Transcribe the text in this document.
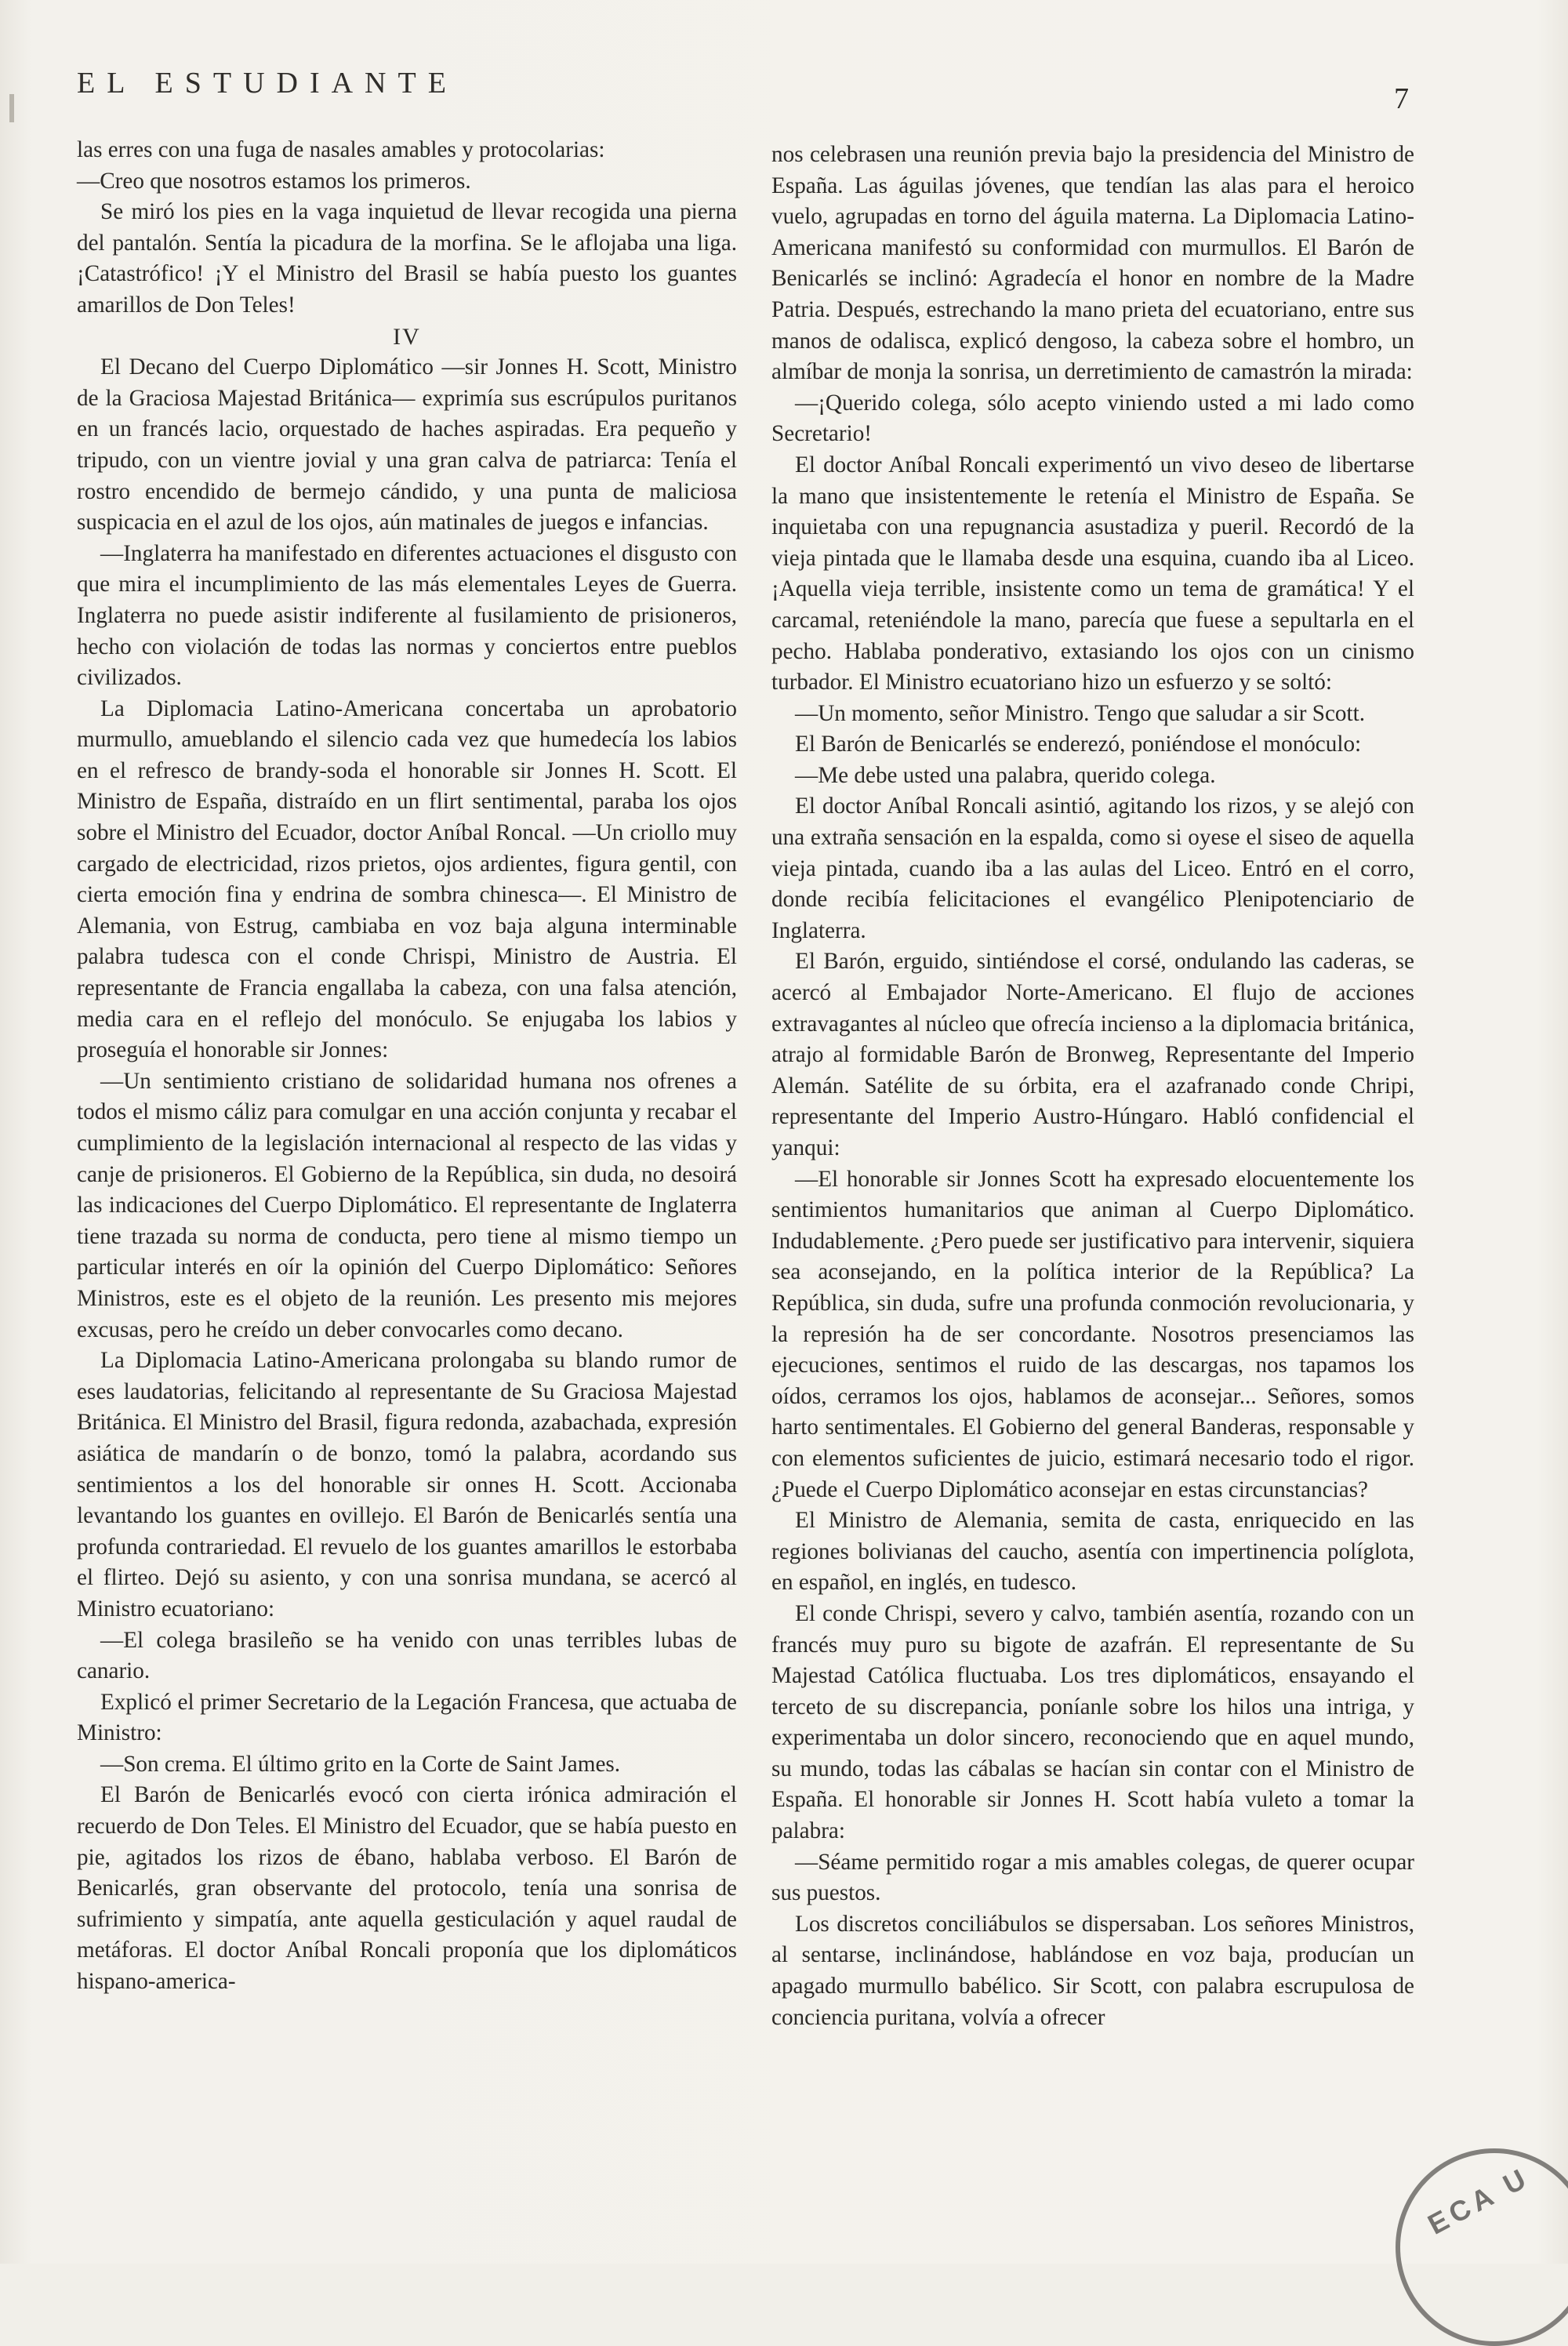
EL ESTUDIANTE	7

las erres con una fuga de nasales amables y protocolarias:

—Creo que nosotros estamos los primeros.

Se miró los pies en la vaga inquietud de llevar recogida una pierna del pantalón. Sentía la picadura de la morfina. Se le aflojaba una liga. ¡Catastrófico! ¡Y el Ministro del Brasil se había puesto los guantes amarillos de Don Teles!

IV

El Decano del Cuerpo Diplomático —sir Jonnes H. Scott, Ministro de la Graciosa Majestad Británica— exprimía sus escrúpulos puritanos en un francés lacio, orquestado de haches aspiradas. Era pequeño y tripudo, con un vientre jovial y una gran calva de patriarca: Tenía el rostro encendido de bermejo cándido, y una punta de maliciosa suspicacia en el azul de los ojos, aún matinales de juegos e infancias.

—Inglaterra ha manifestado en diferentes actuaciones el disgusto con que mira el incumplimiento de las más elementales Leyes de Guerra. Inglaterra no puede asistir indiferente al fusilamiento de prisioneros, hecho con violación de todas las normas y conciertos entre pueblos civilizados.

La Diplomacia Latino-Americana concertaba un aprobatorio murmullo, amueblando el silencio cada vez que humedecía los labios en el refresco de brandy-soda el honorable sir Jonnes H. Scott. El Ministro de España, distraído en un flirt sentimental, paraba los ojos sobre el Ministro del Ecuador, doctor Aníbal Roncal. —Un criollo muy cargado de electricidad, rizos prietos, ojos ardientes, figura gentil, con cierta emoción fina y endrina de sombra chinesca—. El Ministro de Alemania, von Estrug, cambiaba en voz baja alguna interminable palabra tudesca con el conde Chrispi, Ministro de Austria. El representante de Francia engallaba la cabeza, con una falsa atención, media cara en el reflejo del monóculo. Se enjugaba los labios y proseguía el honorable sir Jonnes:

—Un sentimiento cristiano de solidaridad humana nos ofrenes a todos el mismo cáliz para comulgar en una acción conjunta y recabar el cumplimiento de la legislación internacional al respecto de las vidas y canje de prisioneros. El Gobierno de la República, sin duda, no desoirá las indicaciones del Cuerpo Diplomático. El representante de Inglaterra tiene trazada su norma de conducta, pero tiene al mismo tiempo un particular interés en oír la opinión del Cuerpo Diplomático: Señores Ministros, este es el objeto de la reunión. Les presento mis mejores excusas, pero he creído un deber convocarles como decano.

La Diplomacia Latino-Americana prolongaba su blando rumor de eses laudatorias, felicitando al representante de Su Graciosa Majestad Británica. El Ministro del Brasil, figura redonda, azabachada, expresión asiática de mandarín o de bonzo, tomó la palabra, acordando sus sentimientos a los del honorable sir onnes H. Scott. Accionaba levantando los guantes en ovillejo. El Barón de Benicarlés sentía una profunda contrariedad. El revuelo de los guantes amarillos le estorbaba el flirteo. Dejó su asiento, y con una sonrisa mundana, se acercó al Ministro ecuatoriano:

—El colega brasileño se ha venido con unas terribles lubas de canario.

Explicó el primer Secretario de la Legación Francesa, que actuaba de Ministro:

—Son crema. El último grito en la Corte de Saint James.

El Barón de Benicarlés evocó con cierta irónica admiración el recuerdo de Don Teles. El Ministro del Ecuador, que se había puesto en pie, agitados los rizos de ébano, hablaba verboso. El Barón de Benicarlés, gran observante del protocolo, tenía una sonrisa de sufrimiento y simpatía, ante aquella gesticulación y aquel raudal de metáforas. El doctor Aníbal Roncali proponía que los diplomáticos hispano-america-

nos celebrasen una reunión previa bajo la presidencia del Ministro de España. Las águilas jóvenes, que tendían las alas para el heroico vuelo, agrupadas en torno del águila materna. La Diplomacia Latino-Americana manifestó su conformidad con murmullos. El Barón de Benicarlés se inclinó: Agradecía el honor en nombre de la Madre Patria. Después, estrechando la mano prieta del ecuatoriano, entre sus manos de odalisca, explicó dengoso, la cabeza sobre el hombro, un almíbar de monja la sonrisa, un derretimiento de camastrón la mirada:

—¡Querido colega, sólo acepto viniendo usted a mi lado como Secretario!

El doctor Aníbal Roncali experimentó un vivo deseo de libertarse la mano que insistentemente le retenía el Ministro de España. Se inquietaba con una repugnancia asustadiza y pueril. Recordó de la vieja pintada que le llamaba desde una esquina, cuando iba al Liceo. ¡Aquella vieja terrible, insistente como un tema de gramática! Y el carcamal, reteniéndole la mano, parecía que fuese a sepultarla en el pecho. Hablaba ponderativo, extasiando los ojos con un cinismo turbador. El Ministro ecuatoriano hizo un esfuerzo y se soltó:

—Un momento, señor Ministro. Tengo que saludar a sir Scott.

El Barón de Benicarlés se enderezó, poniéndose el monóculo:

—Me debe usted una palabra, querido colega.

El doctor Aníbal Roncali asintió, agitando los rizos, y se alejó con una extraña sensación en la espalda, como si oyese el siseo de aquella vieja pintada, cuando iba a las aulas del Liceo. Entró en el corro, donde recibía felicitaciones el evangélico Plenipotenciario de Inglaterra.

El Barón, erguido, sintiéndose el corsé, ondulando las caderas, se acercó al Embajador Norte-Americano. El flujo de acciones extravagantes al núcleo que ofrecía incienso a la diplomacia británica, atrajo al formidable Barón de Bronweg, Representante del Imperio Alemán. Satélite de su órbita, era el azafranado conde Chripi, representante del Imperio Austro-Húngaro. Habló confidencial el yanqui:

—El honorable sir Jonnes Scott ha expresado elocuentemente los sentimientos humanitarios que animan al Cuerpo Diplomático. Indudablemente. ¿Pero puede ser justificativo para intervenir, siquiera sea aconsejando, en la política interior de la República? La República, sin duda, sufre una profunda conmoción revolucionaria, y la represión ha de ser concordante. Nosotros presenciamos las ejecuciones, sentimos el ruido de las descargas, nos tapamos los oídos, cerramos los ojos, hablamos de aconsejar... Señores, somos harto sentimentales. El Gobierno del general Banderas, responsable y con elementos suficientes de juicio, estimará necesario todo el rigor. ¿Puede el Cuerpo Diplomático aconsejar en estas circunstancias?

El Ministro de Alemania, semita de casta, enriquecido en las regiones bolivianas del caucho, asentía con impertinencia políglota, en español, en inglés, en tudesco.

El conde Chrispi, severo y calvo, también asentía, rozando con un francés muy puro su bigote de azafrán. El representante de Su Majestad Católica fluctuaba. Los tres diplomáticos, ensayando el terceto de su discrepancia, poníanle sobre los hilos una intriga, y experimentaba un dolor sincero, reconociendo que en aquel mundo, su mundo, todas las cábalas se hacían sin contar con el Ministro de España. El honorable sir Jonnes H. Scott había vuleto a tomar la palabra:

—Séame permitido rogar a mis amables colegas, de querer ocupar sus puestos.

Los discretos conciliábulos se dispersaban. Los señores Ministros, al sentarse, inclinándose, hablándose en voz baja, producían un apagado murmullo babélico. Sir Scott, con palabra escrupulosa de conciencia puritana, volvía a ofrecer

ECA U
